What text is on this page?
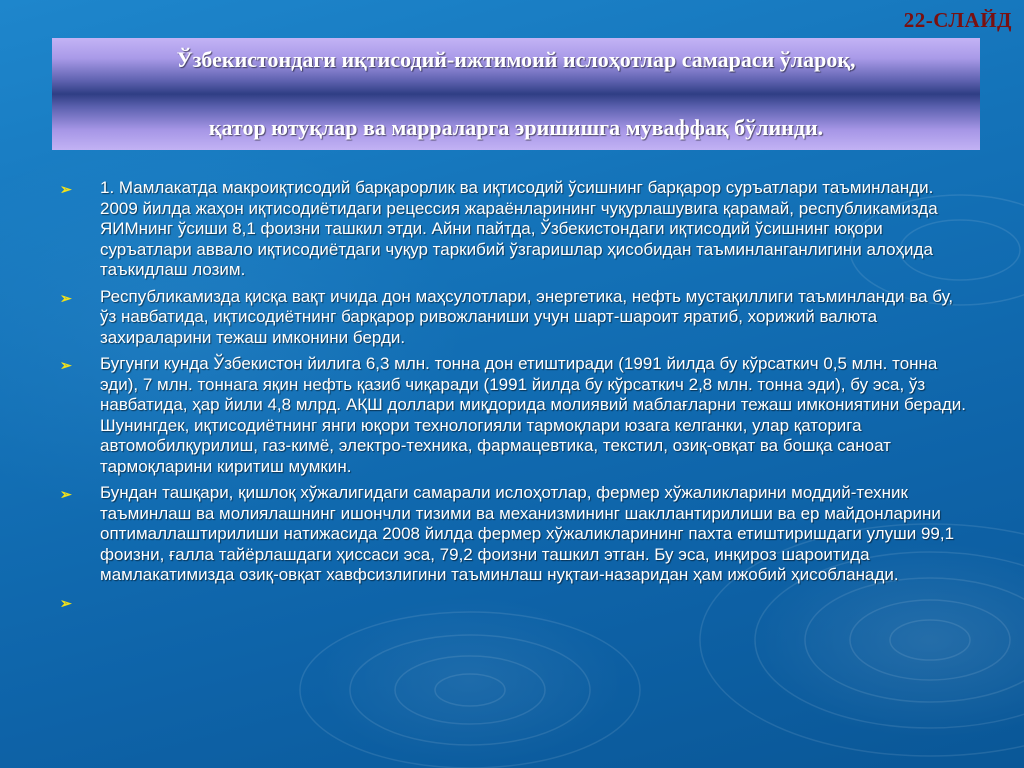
22-СЛАЙД
Ўзбекистондаги иқтисодий-ижтимоий ислоҳотлар самараси ўлароқ,
қатор ютуқлар ва марраларга эришишга муваффақ бўлинди.
➢ 1. Мамлакатда макроиқтисодий барқарорлик ва иқтисодий ўсишнинг барқарор суръатлари таъминланди. 2009 йилда жаҳон иқтисодиётидаги рецессия жараёнларининг чуқурлашувига қарамай, республикамизда ЯИМнинг ўсиши 8,1 фоизни ташкил этди. Айни пайтда, Ўзбекистондаги иқтисодий ўсишнинг юқори суръатлари аввало иқтисодиётдаги чуқур таркибий ўзгаришлар ҳисобидан таъминланганлигини алоҳида таъкидлаш лозим.
➢ Республикамизда қисқа вақт ичида дон маҳсулотлари, энергетика, нефть мустақиллиги таъминланди ва бу, ўз навбатида, иқтисодиётнинг барқарор ривожланиши учун шарт-шароит яратиб, хорижий валюта захираларини тежаш имконини берди.
➢ Бугунги кунда Ўзбекистон йилига 6,3 млн. тонна дон етиштиради (1991 йилда бу кўрсаткич 0,5 млн. тонна эди), 7 млн. тоннага яқин нефть қазиб чиқаради (1991 йилда бу кўрсаткич 2,8 млн. тонна эди), бу эса, ўз навбатида, ҳар йили 4,8 млрд. АҚШ доллари миқдорида молиявий маблағларни тежаш имкониятини беради. Шунингдек, иқтисодиётнинг янги юқори технологияли тармоқлари юзага келганки, улар қаторига автомобилқурилиш, газ-кимё, электро-техника, фармацевтика, текстил, озиқ-овқат ва бошқа саноат тармоқларини киритиш мумкин.
➢ Бундан ташқари, қишлоқ хўжалигидаги самарали ислоҳотлар, фермер хўжаликларини моддий-техник таъминлаш ва молиялашнинг ишончли тизими ва механизмининг шакллантирилиши ва ер майдонларини оптималлаштирилиши натижасида 2008 йилда фермер хўжаликларининг пахта етиштиришдаги улуши 99,1 фоизни, ғалла тайёрлашдаги ҳиссаси эса, 79,2 фоизни ташкил этган. Бу эса, инқироз шароитида мамлакатимизда озиқ-овқат хавфсизлигини таъминлаш нуқтаи-назаридан ҳам ижобий ҳисобланади.
➢
